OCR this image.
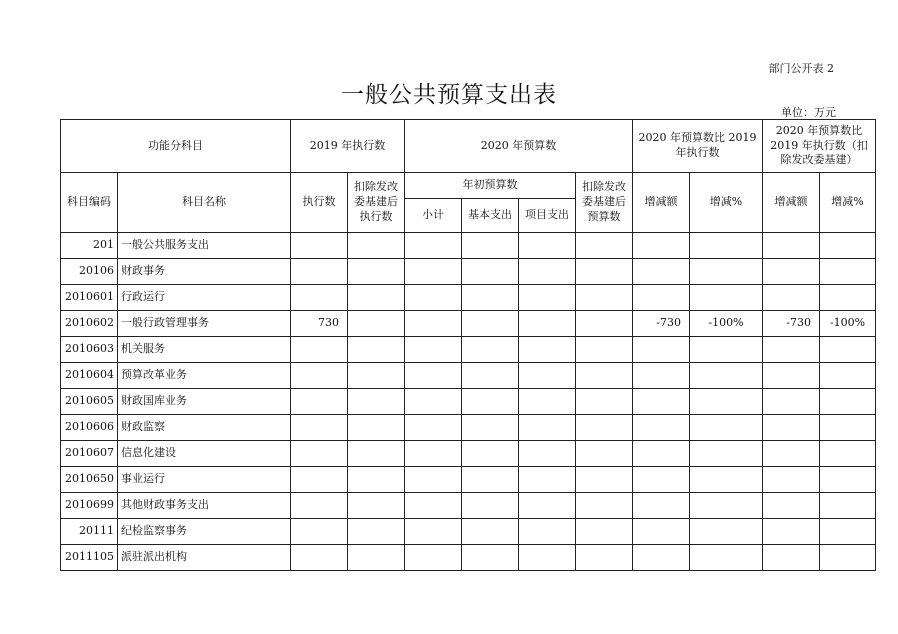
部门公开表 2
一般公共预算支出表
单位：万元
功能分科目		2019 年执行数		2020 年预算数				2020 年预算数比 2019 年执行数		2020 年预算数比 2019 年执行数（扣除发改委基建）	
科目编码	科目名称	执行数	扣除发改委基建后执行数	年初预算数			扣除发改委基建后预算数	增减额	增减%	增减额	增减%
				小计	基本支出	项目支出					
201	一般公共服务支出										
20106	财政事务										
2010601	行政运行										
2010602	一般行政管理事务	730						-730	-100%	-730	-100%
2010603	机关服务										
2010604	预算改革业务										
2010605	财政国库业务										
2010606	财政监察										
2010607	信息化建设										
2010650	事业运行										
2010699	其他财政事务支出										
20111	纪检监察事务										
2011105	派驻派出机构										
